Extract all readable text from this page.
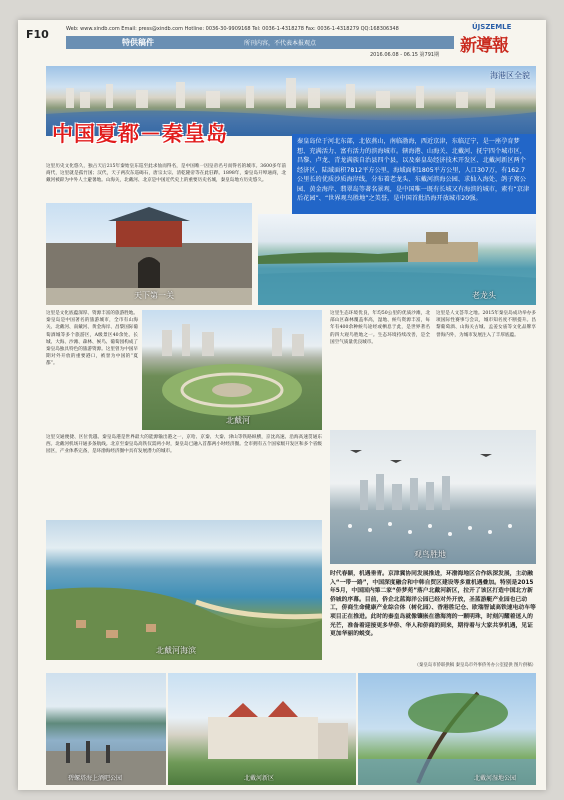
F10	Web: www.xindb.com Email: press@xindb.com Hotline: 0036-30-9909168 Tel: 0036-1-4318278 Fax: 0036-1-4318279 QQ:168306348
特供稿件	所刊内容，不代表本报观点
ÚJSZEMLE
新導報
2016.06.08 - 06.15 第791期
海港区全貌
中国夏都－秦皇岛
这里历史文化悠久，独占天后215年秦始皇东巡至此求仙而得名，是中国唯一因皇帝名号而得名的城市。3600多年前商代，这里就是孤竹国；汉代，天子两次东巡碣石，唐宗太宗、清乾隆帝等在此驻跸。1898年，秦皇岛开埠通商，北戴河被辟为中外人士避暑地。山海关，北戴河、北京是中国近代史上的重要历史名城，秦皇岛地方历史悠久。
秦皇岛位于河北东部，北依燕山，南临渤海，西近京津，东临辽宁，是一座孕育梦想、充满活力、富有活力的滨海城市。辖海港、山海关、北戴河、抚宁四个城市区，昌黎、卢龙、青龙满族自治县四个县，以及秦皇岛经济技术开发区、北戴河新区两个经济区，陆域面积7812平方公里，海域面积1805平方公里，人口307万，有162.7公里长的优质沙质海岸线，分布着老龙头、东戴河滨海公园、求仙入海处、鸽子窝公园、黄金海岸、翡翠岛等著名景观，是中国唯一既有长城又有海滨的城市，素有“京津后花园”、“世界观鸟胜地”之美誉，是中国首批沿海开放城市20强。
天下第一关	老龙头
这里是文化底蕴深厚、资源丰富的旅游胜地。秦皇岛是中国著名的旅游城市，全市有山海关、北戴河、南戴河、黄金海岸、昌黎国际葡萄酒城等多个旅游区，A级景区40余处。长城、大海、沙滩、森林、候鸟、葡萄园构成了秦皇岛独具特色的旅游资源。这里曾为中国早期对外开放的重要港口，被誉为中国的“夏都”。
北戴河
这里生态环境优良，年均50公里的优质沙滩，北部山区森林覆盖率高，湿地、候鸟资源丰富，每年有400余种候鸟途经或栖息于此，是世界著名的四大观鸟胜地之一。生态环境持续改善，是全国空气质量优良城市。
这里是人文荟萃之地。2015年秦皇岛成功举办多项国际性赛事与会议，城市知名度不断提升。昌黎葡萄酒、山海关古城、孟姜女庙等文化品牌享誉海内外，为城市发展注入了丰厚底蕴。
这里交通便捷、区位优越。秦皇岛港是世界最大的能源输出港之一，京哈、京秦、大秦、津山等铁路纵横，京沈高速、沿海高速贯通东西。北戴河机场开通多条航线。北京至秦皇岛高铁仅需两小时，秦皇岛已融入首都两小时经济圈。全市拥有五个国家级开发区和多个省级园区，产业体系完备，是环渤海经济圈中具有发展潜力的城市。
观鸟胜地
北戴河海滨
时代春颖，机遇垂青。京津冀协同发展推进，环渤海地区合作纵深发展，主动融入“一带一路”，中国深度融合和中韩自贸区建设等多重机遇叠加。特别是2015年5月，中国国内第二家“侨梦苑”落户北戴河新区，拉开了该区打造中国北方新侨城的序幕。目前，侨企北蓝海洋公园已经对外开放，圣蓝游艇产业园也已动工，侨商生命健康产业综合体（树化园）、香港胜记仓、欧瑞智诚高铁速电动车等项目正在推进。此时的秦皇岛就像镶嵌在渤海湾的一颗明珠，时刻闪耀着迷人的光芒，准备着迎接更多华侨、华人和侨商的到来，期待着与大家共享机遇，见证更加华丽的蜕变。
（秦皇岛市侨联供稿 秦皇岛市外事侨务办公室提供 图片供稿）
碧螺塔海上酒吧公园	北戴河新区	北戴河湿地公园
